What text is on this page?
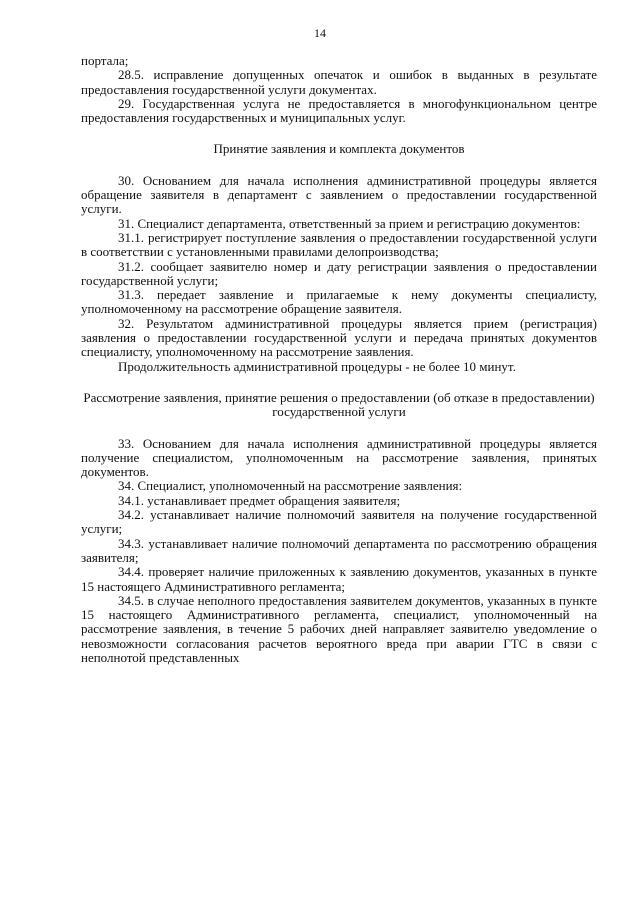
14

портала;

28.5. исправление допущенных опечаток и ошибок в выданных в результате предоставления государственной услуги документах.

29. Государственная услуга не предоставляется в многофункциональном центре предоставления государственных и муниципальных услуг.

Принятие заявления и комплекта документов

30. Основанием для начала исполнения административной процедуры является обращение заявителя в департамент с заявлением о предоставлении государственной услуги.

31. Специалист департамента, ответственный за прием и регистрацию документов:

31.1. регистрирует поступление заявления о предоставлении государственной услуги в соответствии с установленными правилами делопроизводства;

31.2. сообщает заявителю номер и дату регистрации заявления о предоставлении государственной услуги;

31.3. передает заявление и прилагаемые к нему документы специалисту, уполномоченному на рассмотрение обращение заявителя.

32. Результатом административной процедуры является прием (регистрация) заявления о предоставлении государственной услуги и передача принятых документов специалисту, уполномоченному на рассмотрение заявления.

Продолжительность административной процедуры - не более 10 минут.

Рассмотрение заявления, принятие решения о предоставлении (об отказе в предоставлении) государственной услуги

33. Основанием для начала исполнения административной процедуры является получение специалистом, уполномоченным на рассмотрение заявления, принятых документов.

34. Специалист, уполномоченный на рассмотрение заявления:

34.1. устанавливает предмет обращения заявителя;

34.2. устанавливает наличие полномочий заявителя на получение государственной услуги;

34.3. устанавливает наличие полномочий департамента по рассмотрению обращения заявителя;

34.4. проверяет наличие приложенных к заявлению документов, указанных в пункте 15 настоящего Административного регламента;

34.5. в случае неполного предоставления заявителем документов, указанных в пункте 15 настоящего Административного регламента, специалист, уполномоченный на рассмотрение заявления, в течение 5 рабочих дней направляет заявителю уведомление о невозможности согласования расчетов вероятного вреда при аварии ГТС в связи с неполнотой представленных
